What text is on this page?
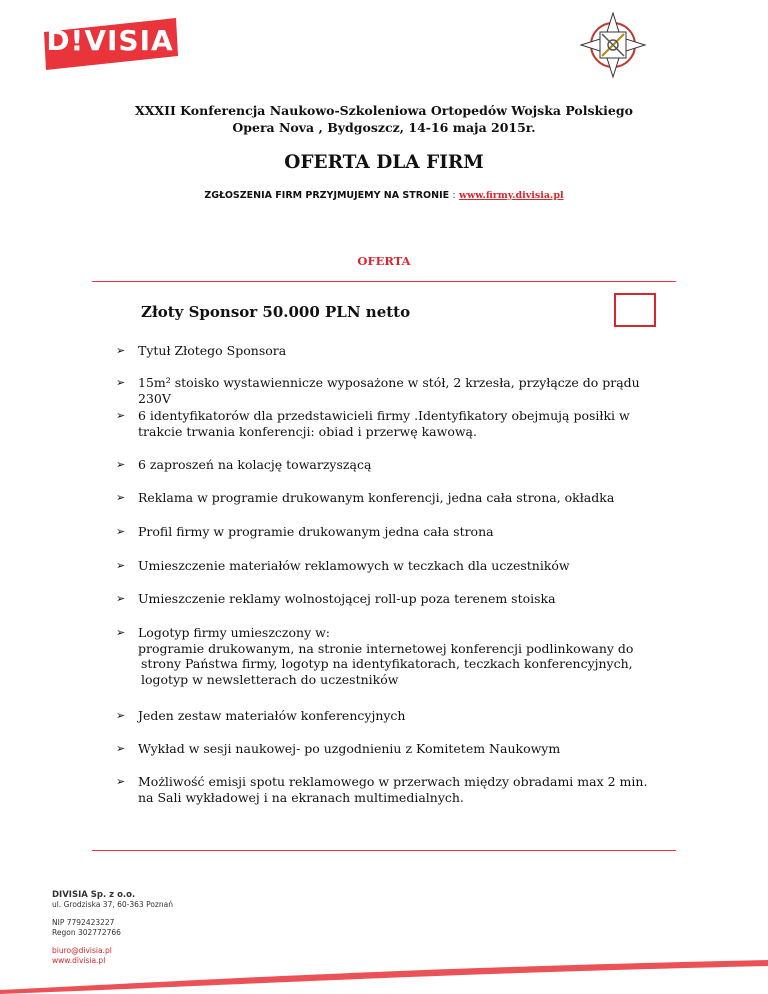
D!VISIA
XXXII Konferencja Naukowo-Szkoleniowa Ortopedów Wojska Polskiego
Opera Nova , Bydgoszcz, 14-16 maja 2015r.
OFERTA DLA FIRM
ZGŁOSZENIA FIRM PRZYJMUJEMY NA STRONIE : www.firmy.divisia.pl
OFERTA
Złoty Sponsor 50.000 PLN netto
➢ Tytuł Złotego Sponsora
➢ 15m² stoisko wystawiennicze wyposażone w stół, 2 krzesła, przyłącze do prądu
230V
➢ 6 identyfikatorów dla przedstawicieli firmy .Identyfikatory obejmują posiłki w
trakcie trwania konferencji: obiad i przerwę kawową.
➢ 6 zaproszeń na kolację towarzyszącą
➢ Reklama w programie drukowanym konferencji, jedna cała strona, okładka
➢ Profil firmy w programie drukowanym jedna cała strona
➢ Umieszczenie materiałów reklamowych w teczkach dla uczestników
➢ Umieszczenie reklamy wolnostojącej roll-up poza terenem stoiska
➢ Logotyp firmy umieszczony w:
programie drukowanym, na stronie internetowej konferencji podlinkowany do
strony Państwa firmy, logotyp na identyfikatorach, teczkach konferencyjnych,
logotyp w newsletterach do uczestników
➢ Jeden zestaw materiałów konferencyjnych
➢ Wykład w sesji naukowej- po uzgodnieniu z Komitetem Naukowym
➢ Możliwość emisji spotu reklamowego w przerwach między obradami max 2 min.
na Sali wykładowej i na ekranach multimedialnych.
DIVISIA Sp. z o.o.
ul. Grodziska 37, 60-363 Poznań
NIP 7792423227
Regon 302772766
biuro@divisia.pl
www.divisia.pl
